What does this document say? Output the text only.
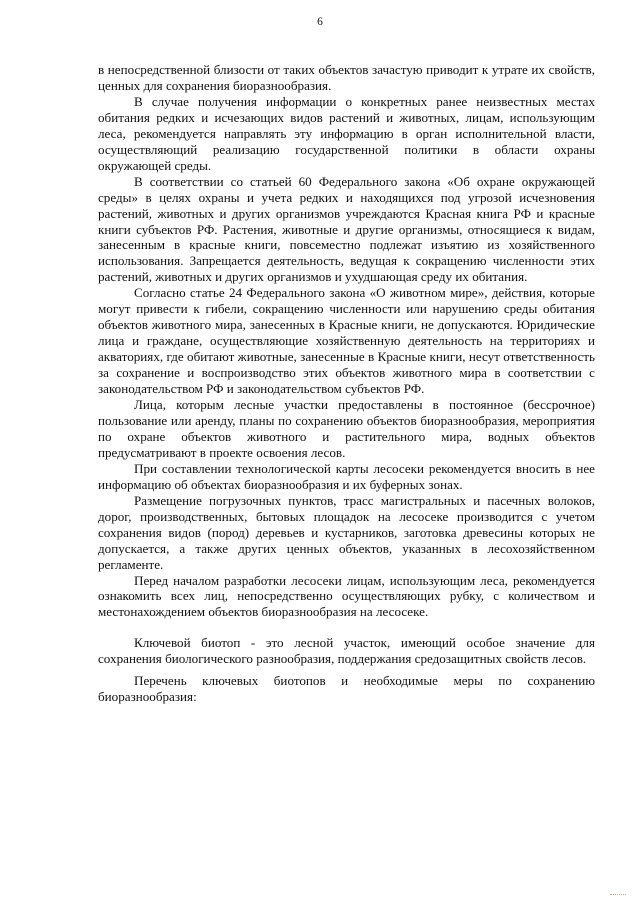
6

в непосредственной близости от таких объектов зачастую приводит к утрате их свойств, ценных для сохранения биоразнообразия.

В случае получения информации о конкретных ранее неизвестных местах обитания редких и исчезающих видов растений и животных, лицам, использующим леса, рекомендуется направлять эту информацию в орган исполнительной власти, осуществляющий реализацию государственной политики в области охраны окружающей среды.

В соответствии со статьей 60 Федерального закона «Об охране окружающей среды» в целях охраны и учета редких и находящихся под угрозой исчезновения растений, животных и других организмов учреждаются Красная книга РФ и красные книги субъектов РФ. Растения, животные и другие организмы, относящиеся к видам, занесенным в красные книги, повсеместно подлежат изъятию из хозяйственного использования. Запрещается деятельность, ведущая к сокращению численности этих растений, животных и других организмов и ухудшающая среду их обитания.

Согласно статье 24 Федерального закона «О животном мире», действия, которые могут привести к гибели, сокращению численности или нарушению среды обитания объектов животного мира, занесенных в Красные книги, не допускаются. Юридические лица и граждане, осуществляющие хозяйственную деятельность на территориях и акваториях, где обитают животные, занесенные в Красные книги, несут ответственность за сохранение и воспроизводство этих объектов животного мира в соответствии с законодательством РФ и законодательством субъектов РФ.

Лица, которым лесные участки предоставлены в постоянное (бессрочное) пользование или аренду, планы по сохранению объектов биоразнообразия, мероприятия по охране объектов животного и растительного мира, водных объектов предусматривают в проекте освоения лесов.

При составлении технологической карты лесосеки рекомендуется вносить в нее информацию об объектах биоразнообразия и их буферных зонах.

Размещение погрузочных пунктов, трасс магистральных и пасечных волоков, дорог, производственных, бытовых площадок на лесосеке производится с учетом сохранения видов (пород) деревьев и кустарников, заготовка древесины которых не допускается, а также других ценных объектов, указанных в лесохозяйственном регламенте.

Перед началом разработки лесосеки лицам, использующим леса, рекомендуется ознакомить всех лиц, непосредственно осуществляющих рубку, с количеством и местонахождением объектов биоразнообразия на лесосеке.

Ключевой биотоп - это лесной участок, имеющий особое значение для сохранения биологического разнообразия, поддержания средозащитных свойств лесов.

Перечень ключевых биотопов и необходимые меры по сохранению биоразнообразия:
